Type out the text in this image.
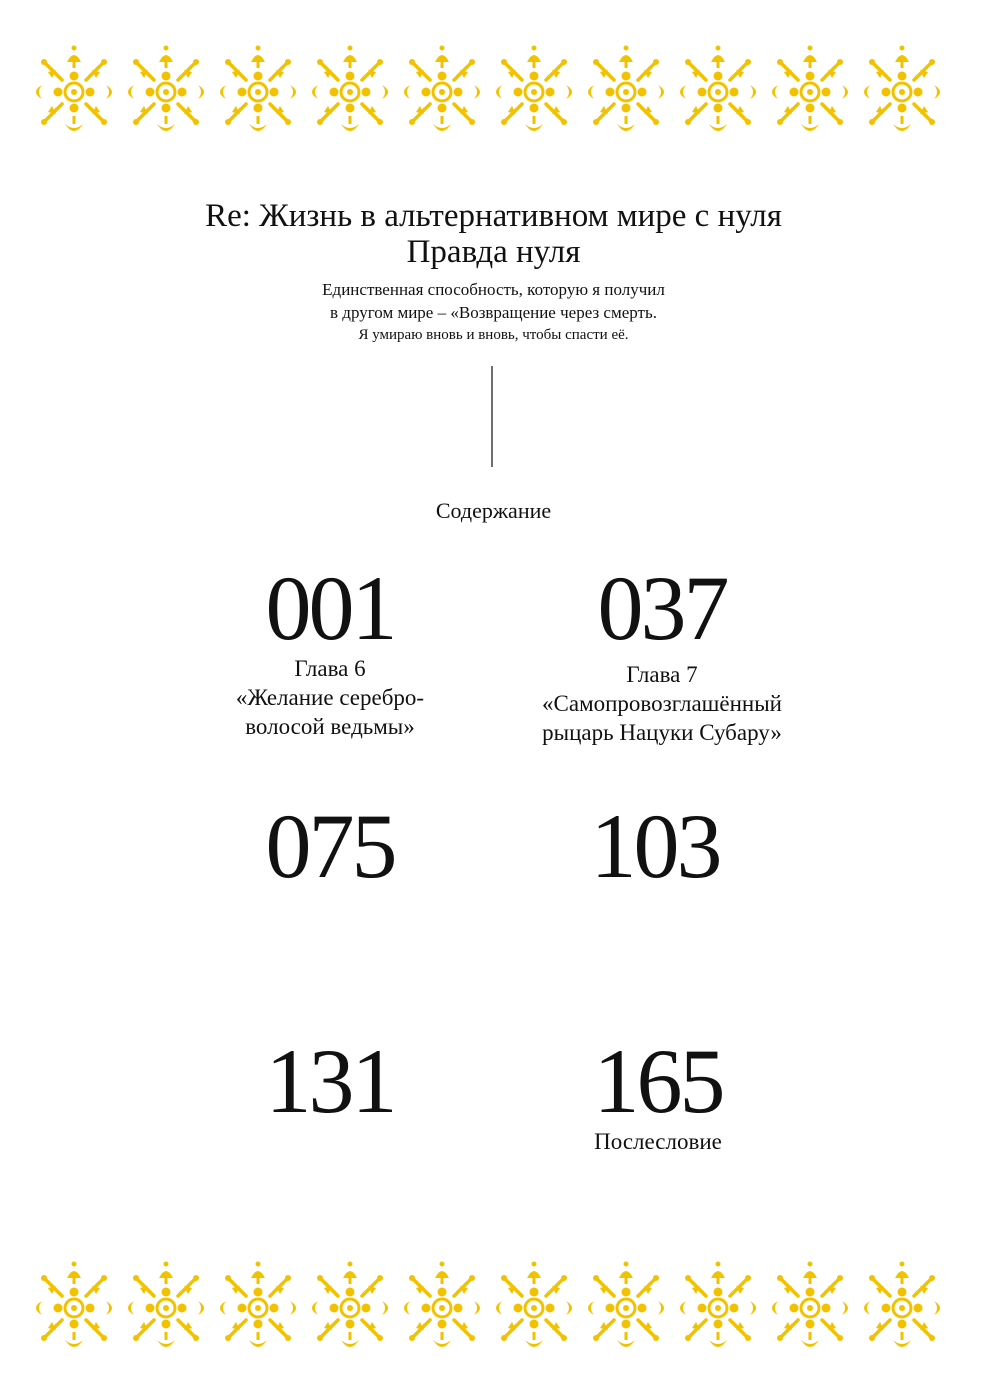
Re: Жизнь в альтернативном мире с нуля

Правда нуля

Единственная способность, которую я получил
в другом мире – «Возвращение через смерть.
Я умираю вновь и вновь, чтобы спасти её.
Содержание
001
Глава 6
«Желание серебро-
волосой ведьмы»
037
Глава 7
«Самопровозглашённый
рыцарь Нацуки Субару»
075	103
131	165
Послесловие
